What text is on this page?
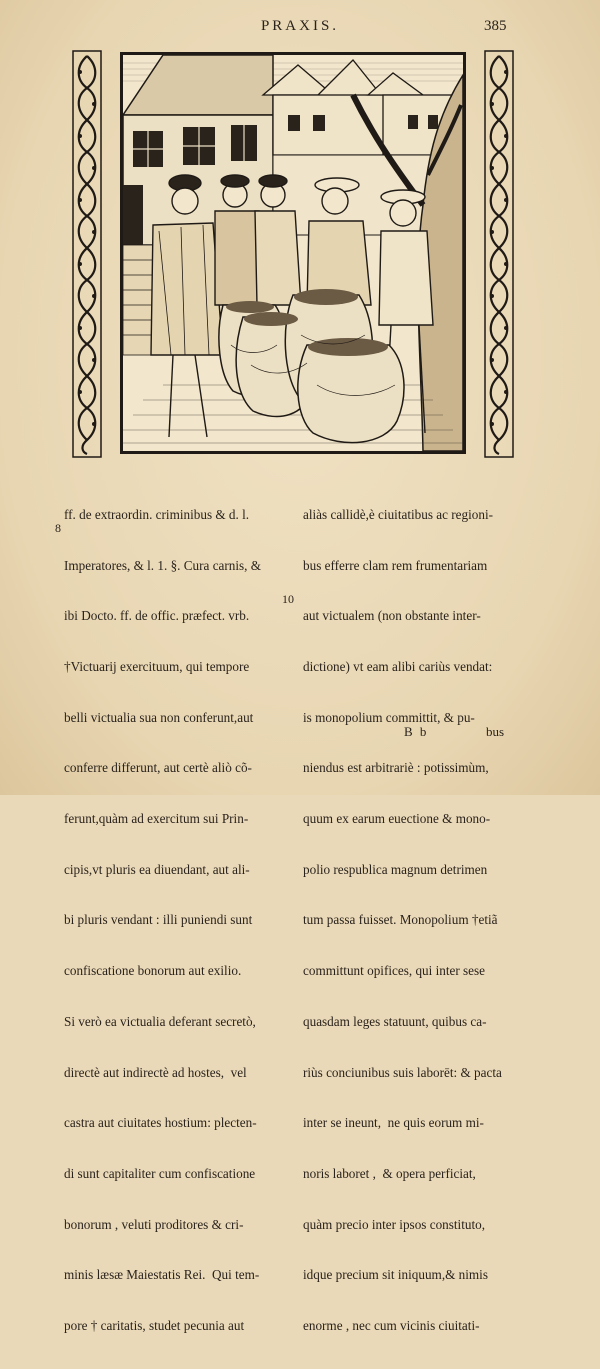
PRAXIS.	385

ff. de extraordin. criminibus & d. l.

Imperatores, & l. 1. §. Cura carnis, &

ibi Docto. ff. de offic. præfect. vrb.

†Victuarij exercituum, qui tempore

belli victualia sua non conferunt,aut

conferre differunt, aut certè aliò cõ-

ferunt,quàm ad exercitum sui Prin-

cipis,vt pluris ea diuendant, aut ali-

bi pluris vendant : illi puniendi sunt

confiscatione bonorum aut exilio.

Si verò ea victualia deferant secretò,

directè aut indirectè ad hostes,  vel

castra aut ciuitates hostium: plecten-

di sunt capitaliter cum confiscatione

bonorum , veluti proditores & cri-

minis læsæ Maiestatis Rei.  Qui tem-

pore † caritatis, studet pecunia aut

aliàs callidè,è ciuitatibus ac regioni-

bus efferre clam rem frumentariam

aut victualem (non obstante inter-

dictione) vt eam alibi cariùs vendat:

is monopolium committit, & pu-

niendus est arbitrariè : potissimùm,

quum ex earum euectione & mono-

polio respublica magnum detrimen

tum passa fuisset. Monopolium †etiã

committunt opifices, qui inter sese

quasdam leges statuunt, quibus ca-

riùs conciunibus suis laborēt: & pacta

inter se ineunt,  ne quis eorum mi-

noris laboret ,  & opera perficiat,

quàm precio inter ipsos constituto,

idque precium sit iniquum,& nimis

enorme , nec cum vicinis ciuitati-
8
10
B b	bus
